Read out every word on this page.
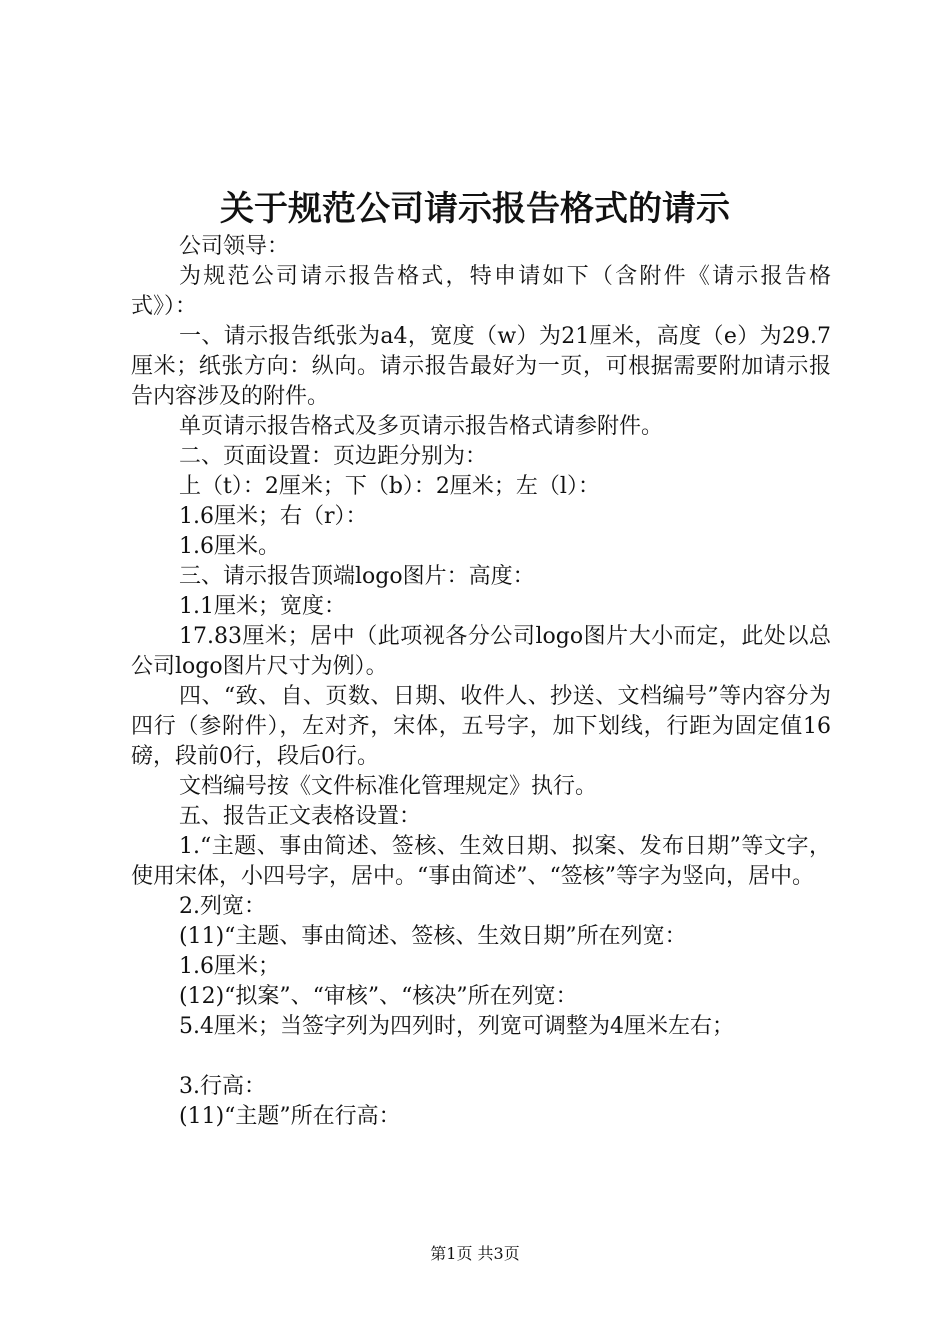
关于规范公司请示报告格式的请示

公司领导：

为规范公司请示报告格式，特申请如下（含附件《请示报告格式》）：

一、请示报告纸张为a4，宽度（w）为21厘米，高度（e）为29.7厘米；纸张方向：纵向。请示报告最好为一页，可根据需要附加请示报告内容涉及的附件。

单页请示报告格式及多页请示报告格式请参附件。

二、页面设置：页边距分别为：

上（t）：2厘米；下（b）：2厘米；左（l）：

1.6厘米；右（r）：

1.6厘米。

三、请示报告顶端logo图片：高度：

1.1厘米；宽度：

17.83厘米；居中（此项视各分公司logo图片大小而定，此处以总公司logo图片尺寸为例）。

四、“致、自、页数、日期、收件人、抄送、文档编号”等内容分为四行（参附件），左对齐，宋体，五号字，加下划线，行距为固定值16磅，段前0行，段后0行。

文档编号按《文件标准化管理规定》执行。

五、报告正文表格设置：

1.“主题、事由简述、签核、生效日期、拟案、发布日期”等文字，使用宋体，小四号字，居中。“事由简述”、“签核”等字为竖向，居中。

2.列宽：

(11)“主题、事由简述、签核、生效日期”所在列宽：

1.6厘米；

(12)“拟案”、“审核”、“核决”所在列宽：

5.4厘米；当签字列为四列时，列宽可调整为4厘米左右；

3.行高：

(11)“主题”所在行高：

第1页 共3页
